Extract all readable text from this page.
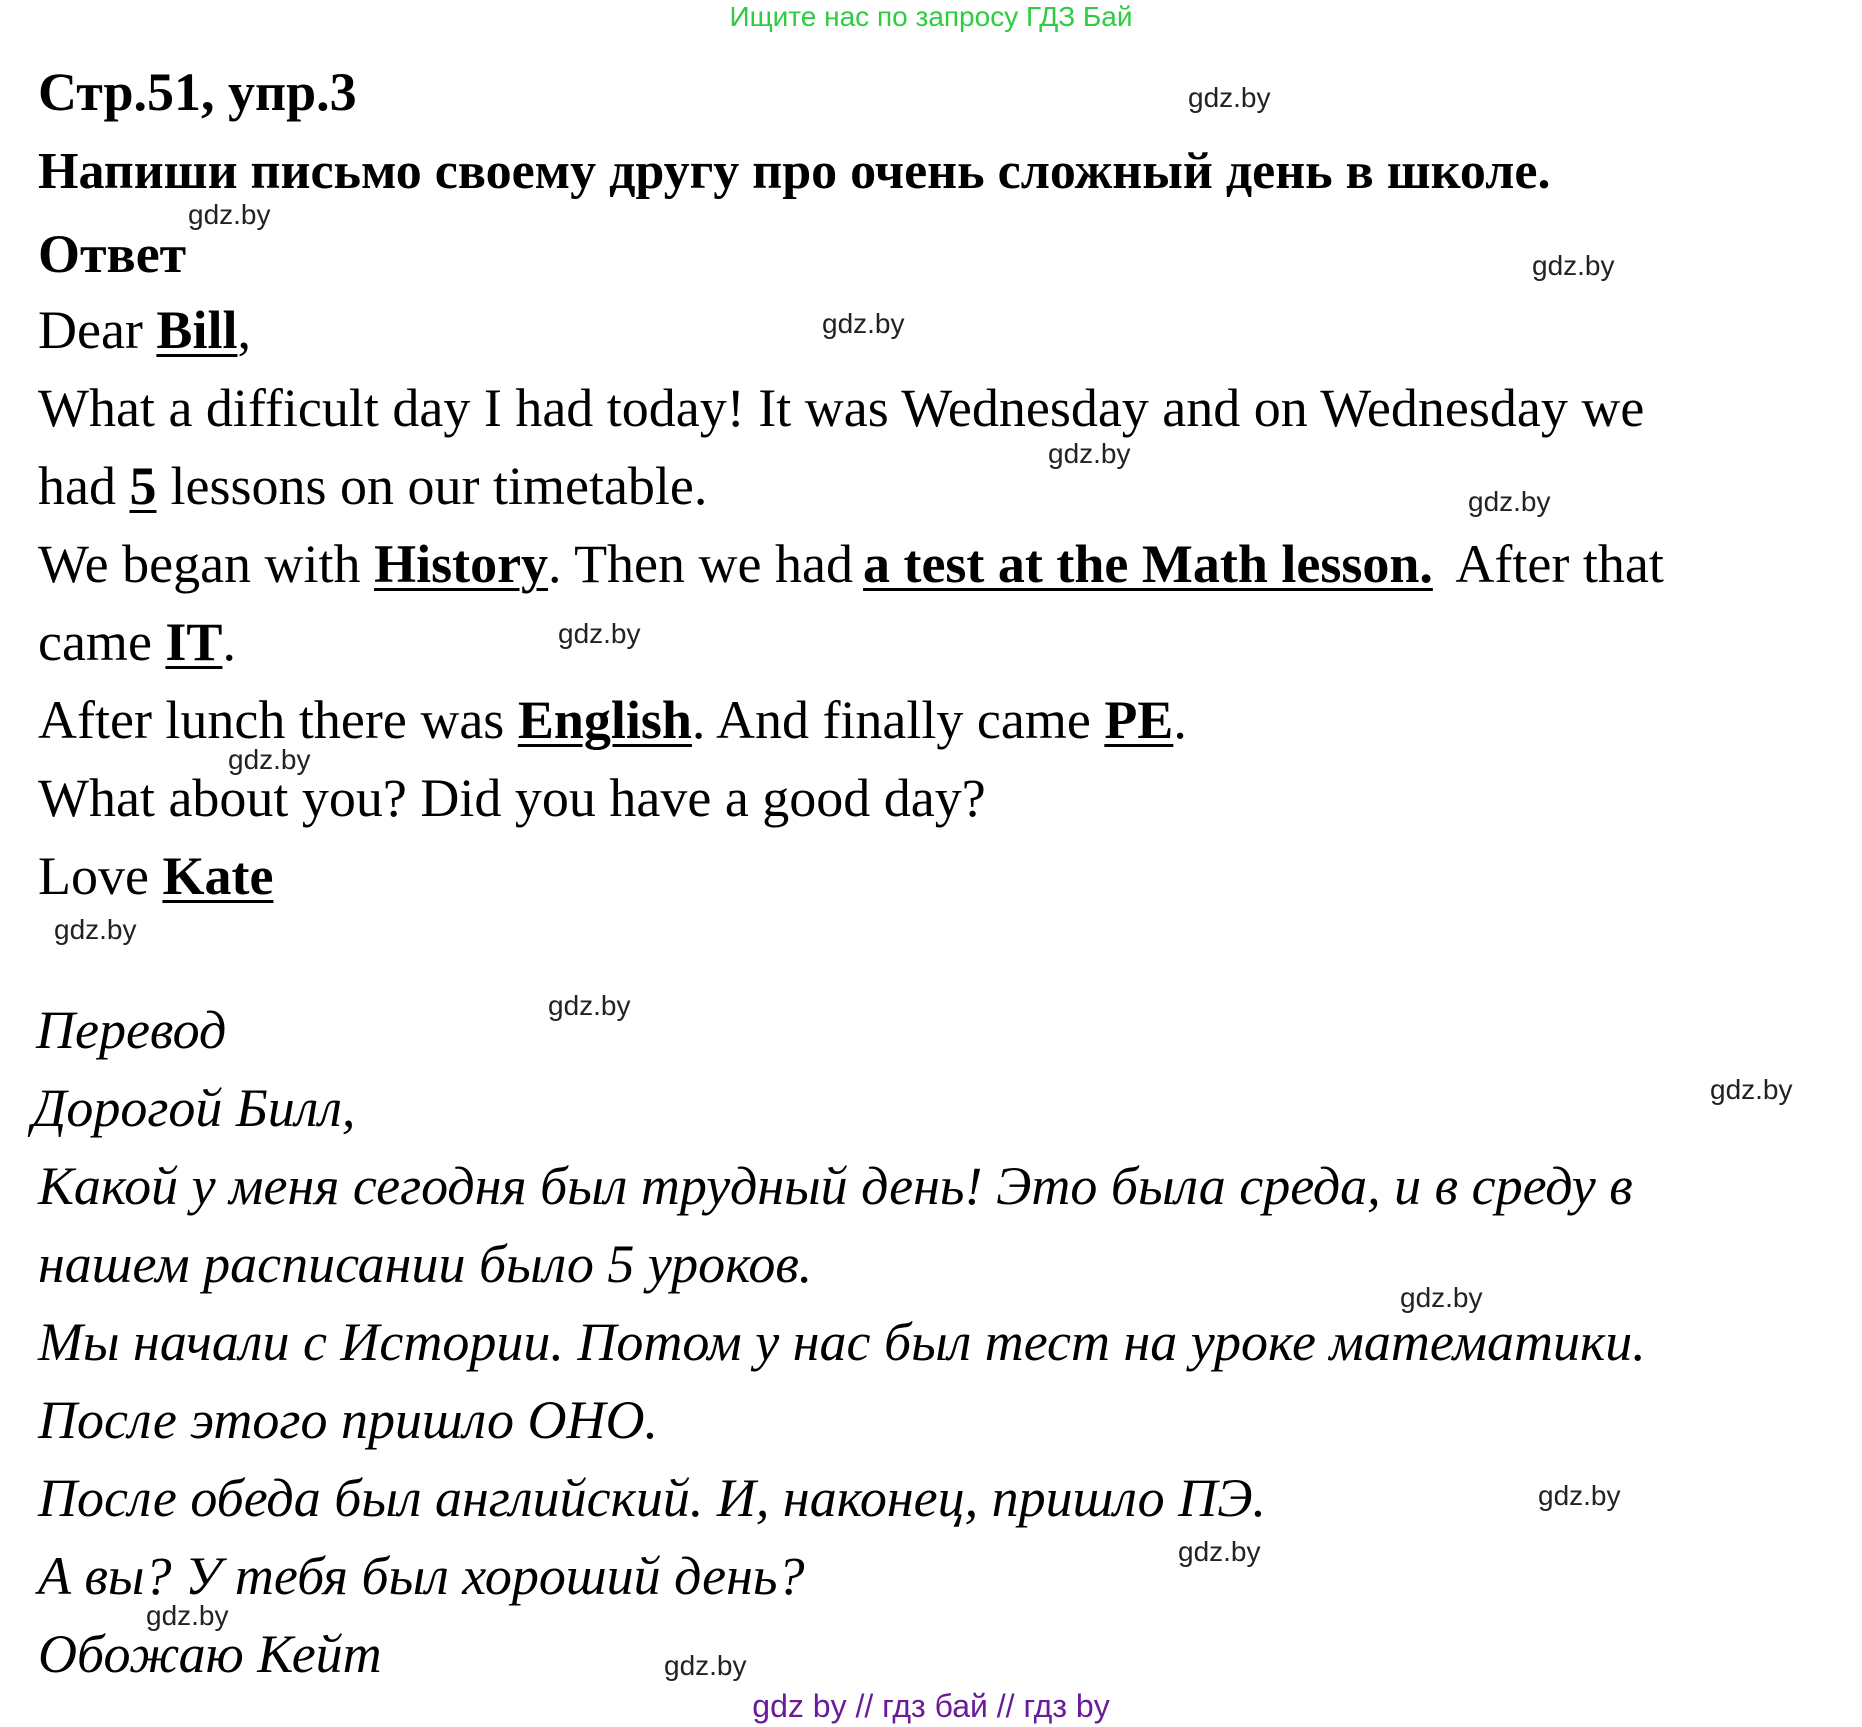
Ищите нас по запросу ГДЗ Бай
Стр.51, упр.3
Напиши письмо своему другу про очень сложный день в школе.
Ответ
Dear Bill,
What a difficult day I had today! It was Wednesday and on Wednesday we
had 5 lessons on our timetable.
We began with History. Then we had a test at the Math lesson. After that
came IT.
After lunch there was English. And finally came PE.
What about you? Did you have a good day?
Love Kate
Перевод
Дорогой Билл,
Какой у меня сегодня был трудный день! Это была среда, и в среду в
нашем расписании было 5 уроков.
Мы начали с Истории. Потом у нас был тест на уроке математики.
После этого пришло ОНО.
После обеда был английский. И, наконец, пришло ПЭ.
А вы? У тебя был хороший день?
Обожаю Кейт
gdz.by
gdz.by
gdz.by
gdz.by
gdz.by
gdz.by
gdz.by
gdz.by
gdz.by
gdz.by
gdz.by
gdz.by
gdz.by
gdz.by
gdz.by
gdz.by
gdz by // гдз бай // гдз by
